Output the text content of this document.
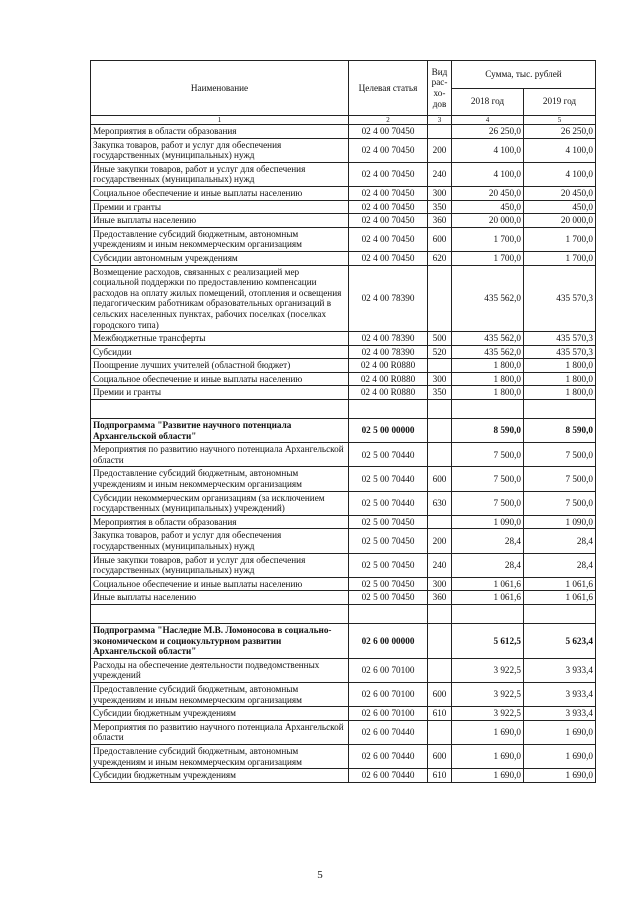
Наименование	Целевая статья	Вид рас-хо-дов	Сумма, тыс. рублей	
			2018 год	2019 год
1	2	3	4	5
Мероприятия в области образования	02 4 00 70450		26 250,0	26 250,0
Закупка товаров, работ и услуг для обеспечения государственных (муниципальных) нужд	02 4 00 70450	200	4 100,0	4 100,0
Иные закупки товаров, работ и услуг для обеспечения государственных (муниципальных) нужд	02 4 00 70450	240	4 100,0	4 100,0
Социальное обеспечение и иные выплаты населению	02 4 00 70450	300	20 450,0	20 450,0
Премии и гранты	02 4 00 70450	350	450,0	450,0
Иные выплаты населению	02 4 00 70450	360	20 000,0	20 000,0
Предоставление субсидий бюджетным, автономным учреждениям и иным некоммерческим организациям	02 4 00 70450	600	1 700,0	1 700,0
Субсидии автономным учреждениям	02 4 00 70450	620	1 700,0	1 700,0
Возмещение расходов, связанных с реализацией мер социальной поддержки по предоставлению компенсации расходов на оплату жилых помещений, отопления и освещения педагогическим работникам образовательных организаций в сельских населенных пунктах, рабочих поселках (поселках городского типа)	02 4 00 78390		435 562,0	435 570,3
Межбюджетные трансферты	02 4 00 78390	500	435 562,0	435 570,3
Субсидии	02 4 00 78390	520	435 562,0	435 570,3
Поощрение лучших учителей (областной бюджет)	02 4 00 R0880		1 800,0	1 800,0
Социальное обеспечение и иные выплаты населению	02 4 00 R0880	300	1 800,0	1 800,0
Премии и гранты	02 4 00 R0880	350	1 800,0	1 800,0

Подпрограмма "Развитие научного потенциала Архангельской области"	02 5 00 00000		8 590,0	8 590,0
Мероприятия по развитию научного потенциала Архангельской области	02 5 00 70440		7 500,0	7 500,0
Предоставление субсидий бюджетным, автономным учреждениям и иным некоммерческим организациям	02 5 00 70440	600	7 500,0	7 500,0
Субсидии некоммерческим организациям (за исключением государственных (муниципальных) учреждений)	02 5 00 70440	630	7 500,0	7 500,0
Мероприятия в области образования	02 5 00 70450		1 090,0	1 090,0
Закупка товаров, работ и услуг для обеспечения государственных (муниципальных) нужд	02 5 00 70450	200	28,4	28,4
Иные закупки товаров, работ и услуг для обеспечения государственных (муниципальных) нужд	02 5 00 70450	240	28,4	28,4
Социальное обеспечение и иные выплаты населению	02 5 00 70450	300	1 061,6	1 061,6
Иные выплаты населению	02 5 00 70450	360	1 061,6	1 061,6

Подпрограмма "Наследие М.В. Ломоносова в социально-экономическом и социокультурном развитии Архангельской области"	02 6 00 00000		5 612,5	5 623,4
Расходы на обеспечение деятельности подведомственных учреждений	02 6 00 70100		3 922,5	3 933,4
Предоставление субсидий бюджетным, автономным учреждениям и иным некоммерческим организациям	02 6 00 70100	600	3 922,5	3 933,4
Субсидии бюджетным учреждениям	02 6 00 70100	610	3 922,5	3 933,4
Мероприятия по развитию научного потенциала Архангельской области	02 6 00 70440		1 690,0	1 690,0
Предоставление субсидий бюджетным, автономным учреждениям и иным некоммерческим организациям	02 6 00 70440	600	1 690,0	1 690,0
Субсидии бюджетным учреждениям	02 6 00 70440	610	1 690,0	1 690,0
5
